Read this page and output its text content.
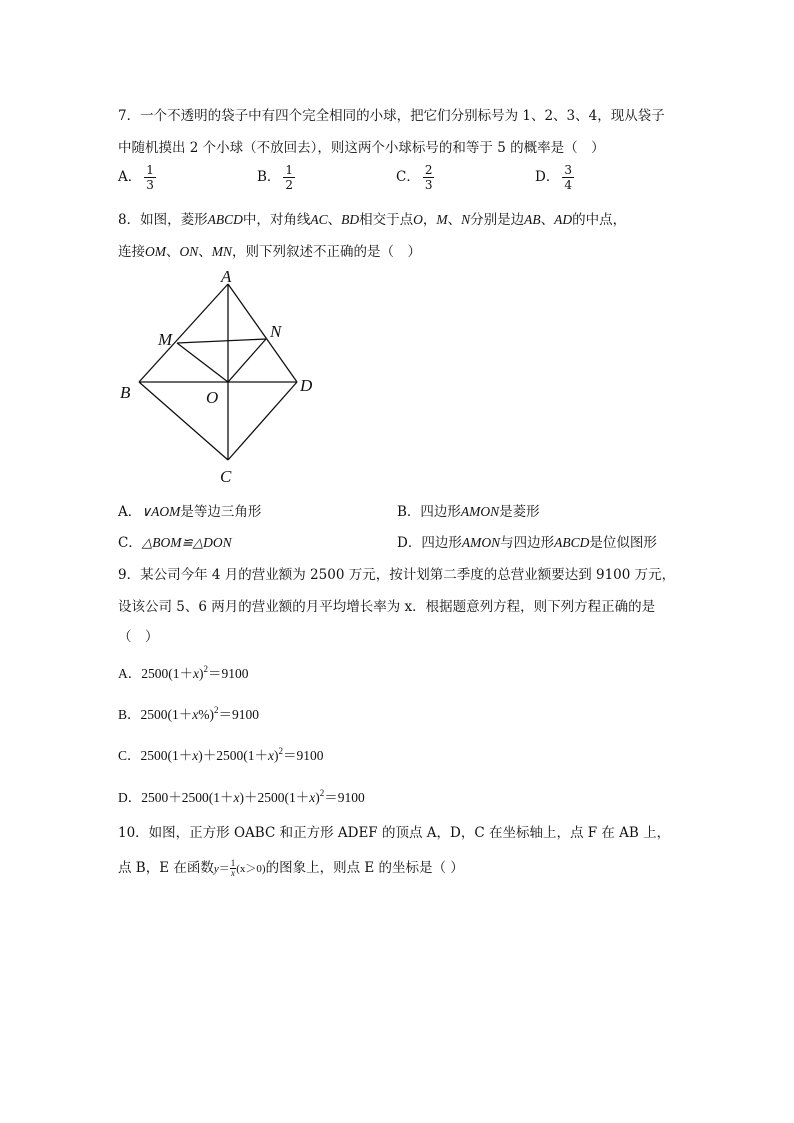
7．一个不透明的袋子中有四个完全相同的小球，把它们分别标号为 1、2、3、4，现从袋子
中随机摸出 2 个小球（不放回去），则这两个小球标号的和等于 5 的概率是（　）
A． $\frac{1}{3}$	B． $\frac{1}{2}$	C． $\frac{2}{3}$	D． $\frac{3}{4}$
8．如图，菱形ABCD中，对角线AC、BD相交于点O，M、N分别是边AB、AD的中点，
连接OM、ON、MN，则下列叙述不正确的是（　）
A
M	N
B	O
D
C
A．∨AOM是等边三角形	B．四边形AMON是菱形
C．△BOM≌△DON	D．四边形AMON与四边形ABCD是位似图形
9．某公司今年 4 月的营业额为 2500 万元，按计划第二季度的总营业额要达到 9100 万元，
设该公司 5、6 两月的营业额的月平均增长率为 x．根据题意列方程，则下列方程正确的是
（　）
A．$2500(1+x)^2=9100$
B．$2500(1+x\%)^2=9100$
C．$2500(1+x)+2500(1+x)^2=9100$
D．$2500+2500(1+x)+2500(1+x)^2=9100$
10．如图，正方形 OABC 和正方形 ADEF 的顶点 A，D，C 在坐标轴上，点 F 在 AB 上，
点 B，E 在函数$y= \frac{1}{x} (x>0)$的图象上，则点 E 的坐标是（ ）
